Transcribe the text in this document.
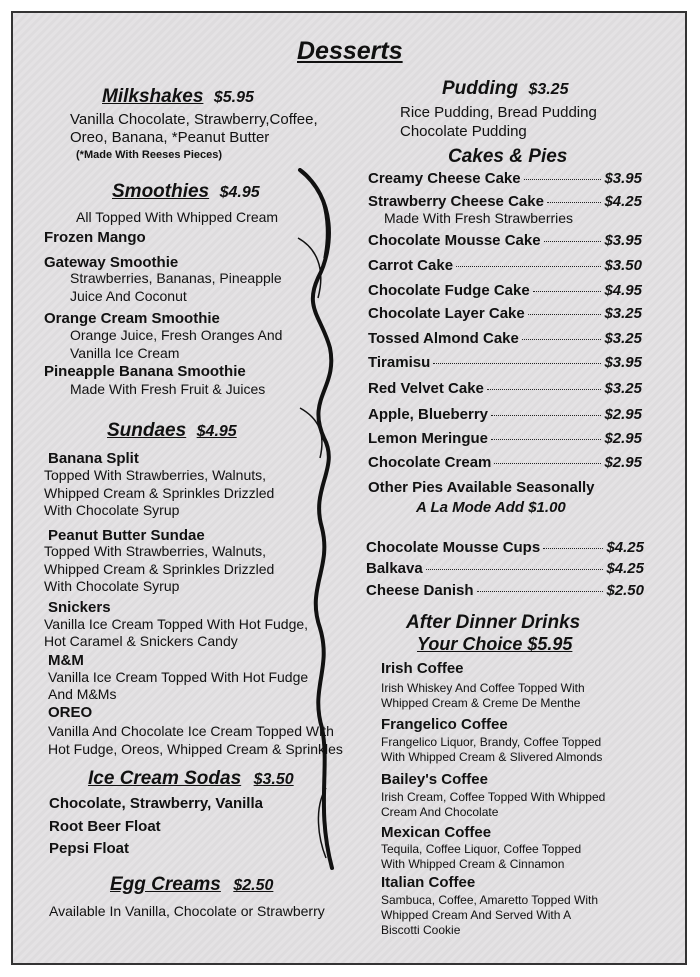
Desserts
Milkshakes $5.95
Vanilla Chocolate, Strawberry,Coffee,
Oreo, Banana, *Peanut Butter
(*Made With Reeses Pieces)
Smoothies $4.95
All Topped With Whipped Cream
Frozen Mango
Gateway Smoothie
Strawberries, Bananas, Pineapple
Juice And Coconut
Orange Cream Smoothie
Orange Juice, Fresh Oranges And
Vanilla Ice Cream
Pineapple Banana Smoothie
Made With Fresh Fruit & Juices
Sundaes $4.95
Banana Split
Topped With Strawberries, Walnuts,
Whipped Cream & Sprinkles Drizzled
With Chocolate Syrup
Peanut Butter Sundae
Topped With Strawberries, Walnuts,
Whipped Cream & Sprinkles Drizzled
With Chocolate Syrup
Snickers
Vanilla Ice Cream Topped With Hot Fudge,
Hot Caramel & Snickers Candy
M&M
Vanilla Ice Cream Topped With Hot Fudge
And M&Ms
OREO
Vanilla And Chocolate Ice Cream Topped With
Hot Fudge, Oreos, Whipped Cream & Sprinkles
Ice Cream Sodas $3.50
Chocolate, Strawberry, Vanilla
Root Beer Float
Pepsi Float
Egg Creams $2.50
Available In Vanilla, Chocolate or Strawberry
Pudding $3.25
Rice Pudding, Bread Pudding
Chocolate Pudding
Cakes & Pies
Creamy Cheese Cake	$3.95
Strawberry Cheese Cake	$4.25
Made With Fresh Strawberries
Chocolate Mousse Cake	$3.95
Carrot Cake	$3.50
Chocolate Fudge Cake	$4.95
Chocolate Layer Cake	$3.25
Tossed Almond Cake	$3.25
Tiramisu	$3.95
Red Velvet Cake	$3.25
Apple, Blueberry	$2.95
Lemon Meringue	$2.95
Chocolate Cream	$2.95
Other Pies Available Seasonally
A La Mode Add $1.00
Chocolate Mousse Cups	$4.25
Balkava	$4.25
Cheese Danish	$2.50
After Dinner Drinks
Your Choice $5.95
Irish Coffee
Irish Whiskey And Coffee Topped With
Whipped Cream & Creme De Menthe
Frangelico Coffee
Frangelico Liquor, Brandy, Coffee Topped
With Whipped Cream & Slivered Almonds
Bailey's Coffee
Irish Cream, Coffee Topped With Whipped
Cream And Chocolate
Mexican Coffee
Tequila, Coffee Liquor, Coffee Topped
With Whipped Cream & Cinnamon
Italian Coffee
Sambuca, Coffee, Amaretto Topped With
Whipped Cream And Served With A
Biscotti Cookie
